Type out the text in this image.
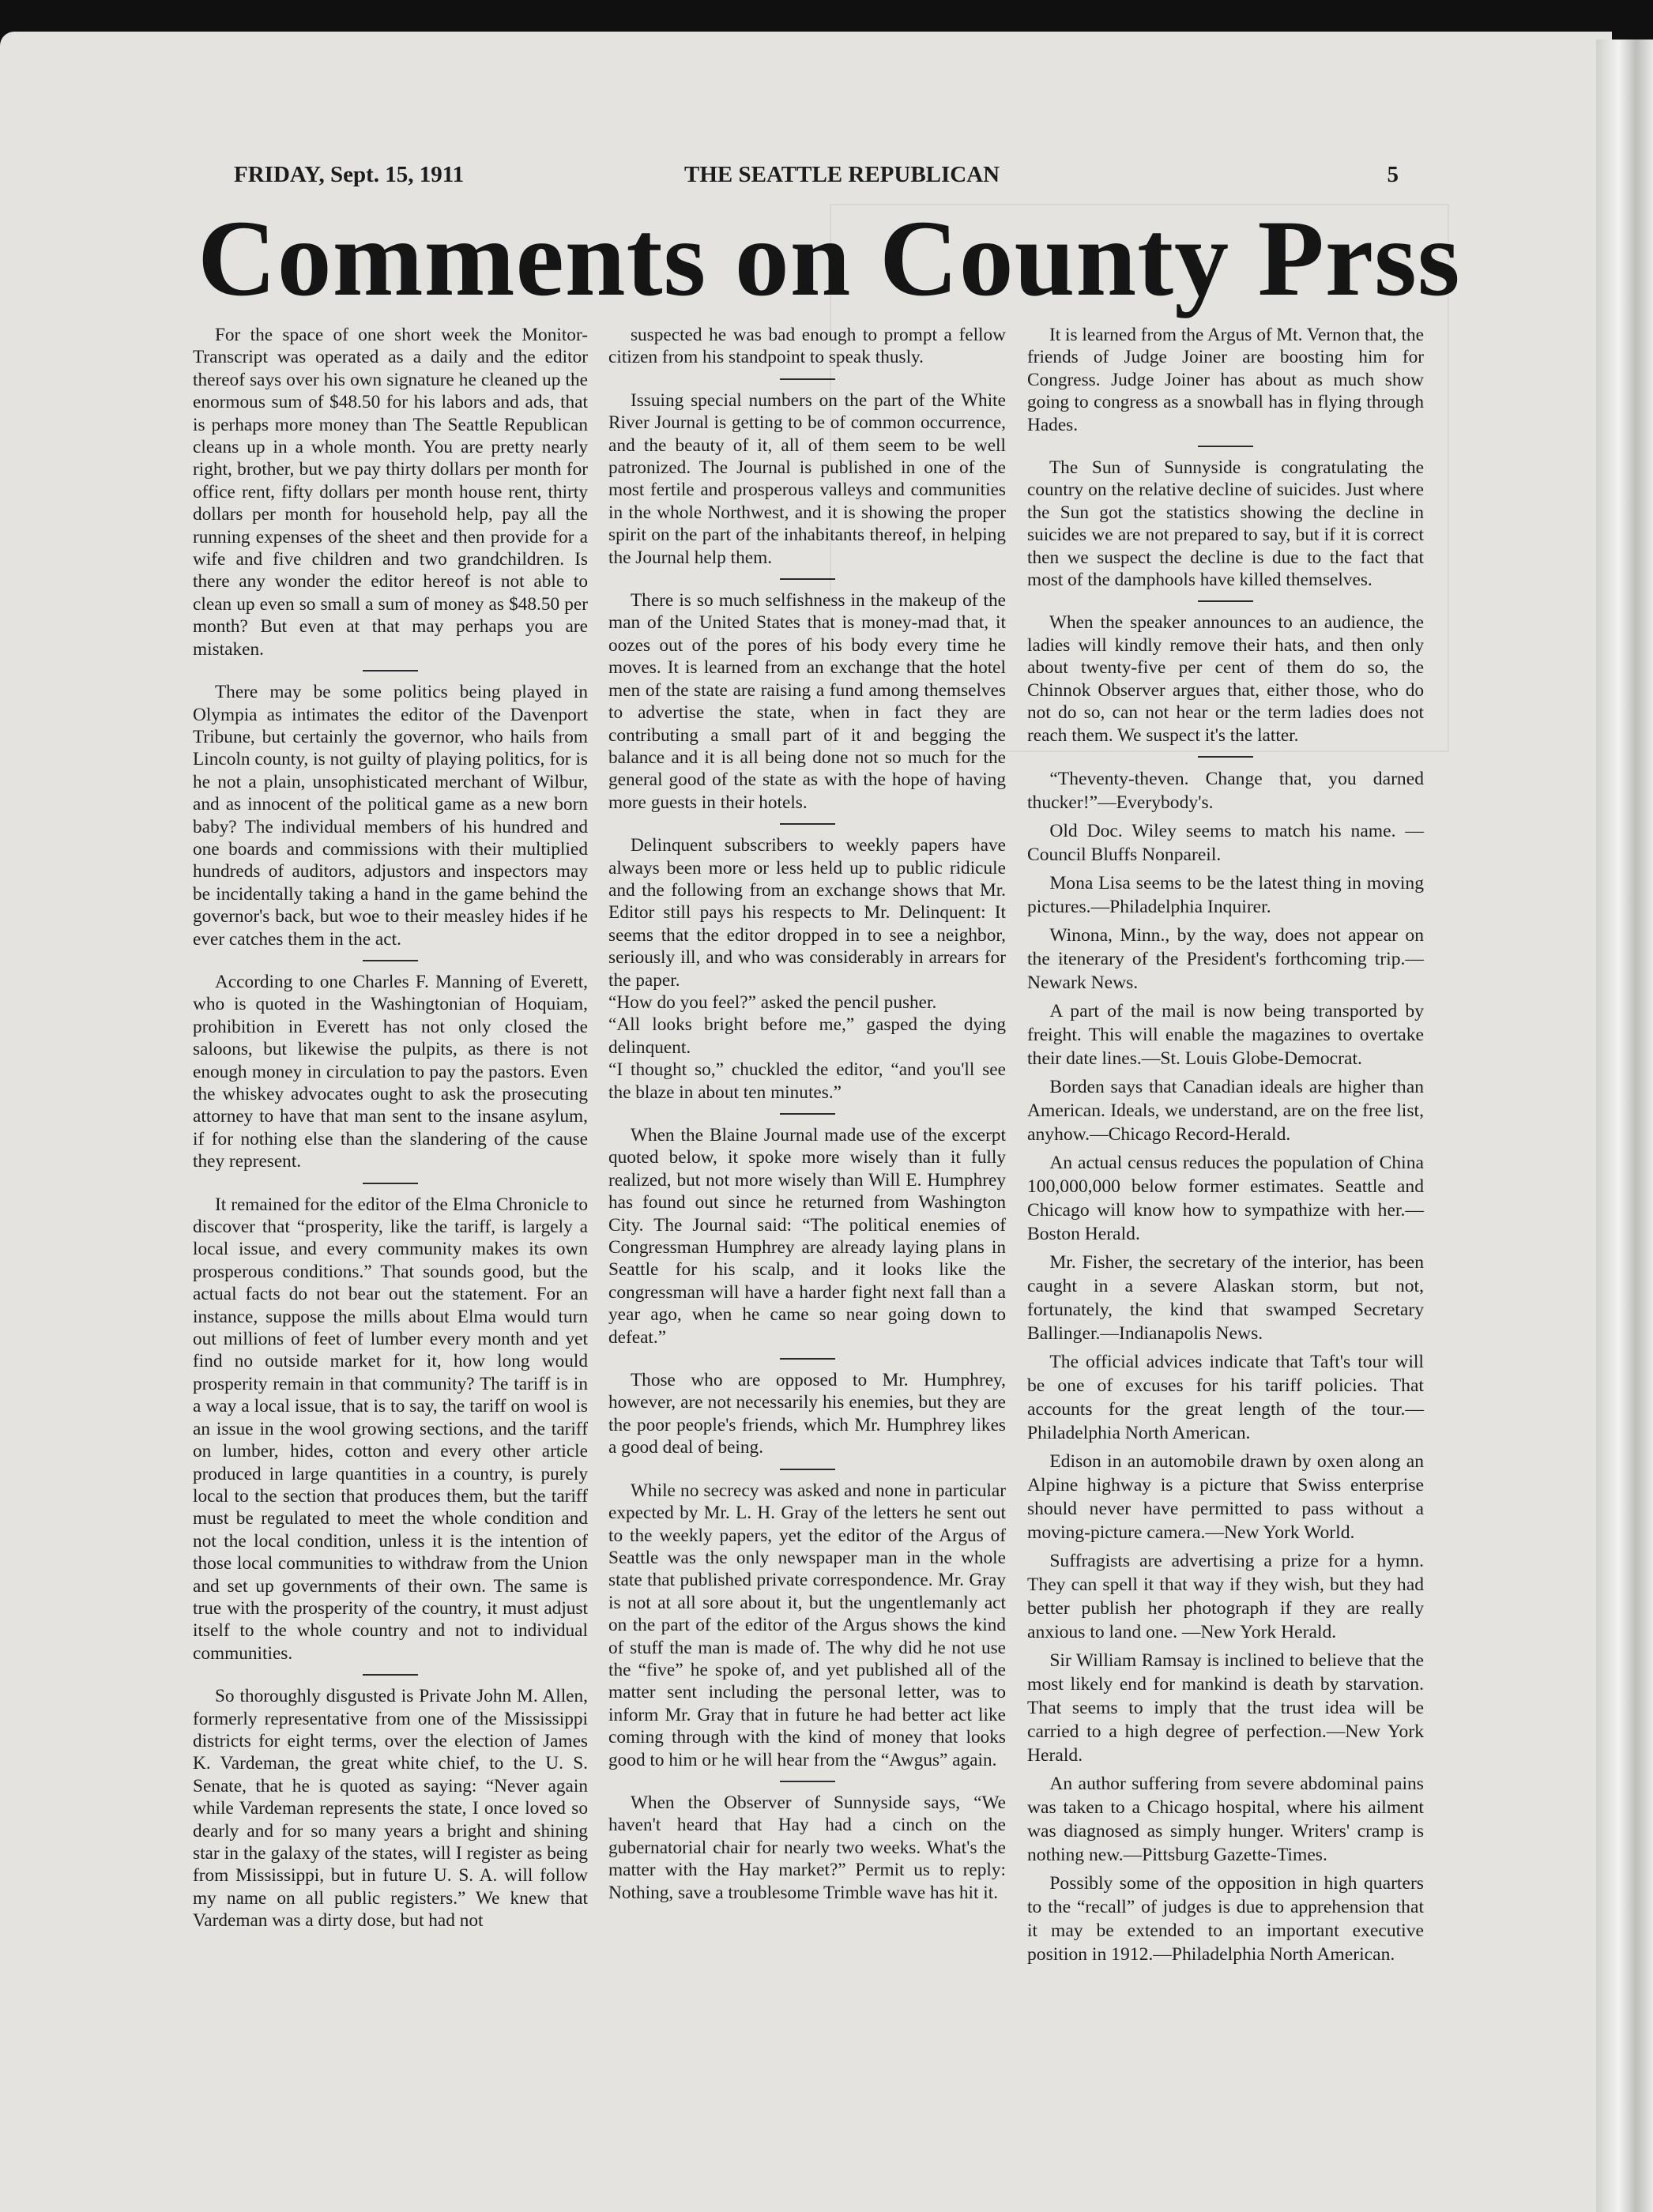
FRIDAY, Sept. 15, 1911	THE SEATTLE REPUBLICAN	5
Comments on County Prss

For the space of one short week the Monitor-Transcript was operated as a daily and the editor thereof says over his own signature he cleaned up the enormous sum of $48.50 for his labors and ads, that is perhaps more money than The Seattle Republican cleans up in a whole month. You are pretty nearly right, brother, but we pay thirty dollars per month for office rent, fifty dollars per month house rent, thirty dollars per month for household help, pay all the running expenses of the sheet and then provide for a wife and five children and two grandchildren. Is there any wonder the editor hereof is not able to clean up even so small a sum of money as $48.50 per month? But even at that may perhaps you are mistaken.

There may be some politics being played in Olympia as intimates the editor of the Davenport Tribune, but certainly the governor, who hails from Lincoln county, is not guilty of playing politics, for is he not a plain, unsophisticated merchant of Wilbur, and as innocent of the political game as a new born baby? The individual members of his hundred and one boards and commissions with their multiplied hundreds of auditors, adjustors and inspectors may be incidentally taking a hand in the game behind the governor's back, but woe to their measley hides if he ever catches them in the act.

According to one Charles F. Manning of Everett, who is quoted in the Washingtonian of Hoquiam, prohibition in Everett has not only closed the saloons, but likewise the pulpits, as there is not enough money in circulation to pay the pastors. Even the whiskey advocates ought to ask the prosecuting attorney to have that man sent to the insane asylum, if for nothing else than the slandering of the cause they represent.

It remained for the editor of the Elma Chronicle to discover that “prosperity, like the tariff, is largely a local issue, and every community makes its own prosperous conditions.” That sounds good, but the actual facts do not bear out the statement. For an instance, suppose the mills about Elma would turn out millions of feet of lumber every month and yet find no outside market for it, how long would prosperity remain in that community? The tariff is in a way a local issue, that is to say, the tariff on wool is an issue in the wool growing sections, and the tariff on lumber, hides, cotton and every other article produced in large quantities in a country, is purely local to the section that produces them, but the tariff must be regulated to meet the whole condition and not the local condition, unless it is the intention of those local communities to withdraw from the Union and set up governments of their own. The same is true with the prosperity of the country, it must adjust itself to the whole country and not to individual communities.

So thoroughly disgusted is Private John M. Allen, formerly representative from one of the Mississippi districts for eight terms, over the election of James K. Vardeman, the great white chief, to the U. S. Senate, that he is quoted as saying: “Never again while Vardeman represents the state, I once loved so dearly and for so many years a bright and shining star in the galaxy of the states, will I register as being from Mississippi, but in future U. S. A. will follow my name on all public registers.” We knew that Vardeman was a dirty dose, but had not

suspected he was bad enough to prompt a fellow citizen from his standpoint to speak thusly.

Issuing special numbers on the part of the White River Journal is getting to be of common occurrence, and the beauty of it, all of them seem to be well patronized. The Journal is published in one of the most fertile and prosperous valleys and communities in the whole Northwest, and it is showing the proper spirit on the part of the inhabitants thereof, in helping the Journal help them.

There is so much selfishness in the makeup of the man of the United States that is money-mad that, it oozes out of the pores of his body every time he moves. It is learned from an exchange that the hotel men of the state are raising a fund among themselves to advertise the state, when in fact they are contributing a small part of it and begging the balance and it is all being done not so much for the general good of the state as with the hope of having more guests in their hotels.

Delinquent subscribers to weekly papers have always been more or less held up to public ridicule and the following from an exchange shows that Mr. Editor still pays his respects to Mr. Delinquent: It seems that the editor dropped in to see a neighbor, seriously ill, and who was considerably in arrears for the paper.
“How do you feel?” asked the pencil pusher.
“All looks bright before me,” gasped the dying delinquent.
“I thought so,” chuckled the editor, “and you'll see the blaze in about ten minutes.”

When the Blaine Journal made use of the excerpt quoted below, it spoke more wisely than it fully realized, but not more wisely than Will E. Humphrey has found out since he returned from Washington City. The Journal said: “The political enemies of Congressman Humphrey are already laying plans in Seattle for his scalp, and it looks like the congressman will have a harder fight next fall than a year ago, when he came so near going down to defeat.”

Those who are opposed to Mr. Humphrey, however, are not necessarily his enemies, but they are the poor people's friends, which Mr. Humphrey likes a good deal of being.

While no secrecy was asked and none in particular expected by Mr. L. H. Gray of the letters he sent out to the weekly papers, yet the editor of the Argus of Seattle was the only newspaper man in the whole state that published private correspondence. Mr. Gray is not at all sore about it, but the ungentlemanly act on the part of the editor of the Argus shows the kind of stuff the man is made of. The why did he not use the “five” he spoke of, and yet published all of the matter sent including the personal letter, was to inform Mr. Gray that in future he had better act like coming through with the kind of money that looks good to him or he will hear from the “Awgus” again.

When the Observer of Sunnyside says, “We haven't heard that Hay had a cinch on the gubernatorial chair for nearly two weeks. What's the matter with the Hay market?” Permit us to reply: Nothing, save a troublesome Trimble wave has hit it.

It is learned from the Argus of Mt. Vernon that, the friends of Judge Joiner are boosting him for Congress. Judge Joiner has about as much show going to congress as a snowball has in flying through Hades.

The Sun of Sunnyside is congratulating the country on the relative decline of suicides. Just where the Sun got the statistics showing the decline in suicides we are not prepared to say, but if it is correct then we suspect the decline is due to the fact that most of the damphools have killed themselves.

When the speaker announces to an audience, the ladies will kindly remove their hats, and then only about twenty-five per cent of them do so, the Chinnok Observer argues that, either those, who do not do so, can not hear or the term ladies does not reach them. We suspect it's the latter.

“Theventy-theven. Change that, you darned thucker!”—Everybody's.

Old Doc. Wiley seems to match his name. —Council Bluffs Nonpareil.

Mona Lisa seems to be the latest thing in moving pictures.—Philadelphia Inquirer.

Winona, Minn., by the way, does not appear on the itenerary of the President's forthcoming trip.—Newark News.

A part of the mail is now being transported by freight. This will enable the magazines to overtake their date lines.—St. Louis Globe-Democrat.

Borden says that Canadian ideals are higher than American. Ideals, we understand, are on the free list, anyhow.—Chicago Record-Herald.

An actual census reduces the population of China 100,000,000 below former estimates. Seattle and Chicago will know how to sympathize with her.—Boston Herald.

Mr. Fisher, the secretary of the interior, has been caught in a severe Alaskan storm, but not, fortunately, the kind that swamped Secretary Ballinger.—Indianapolis News.

The official advices indicate that Taft's tour will be one of excuses for his tariff policies. That accounts for the great length of the tour.—Philadelphia North American.

Edison in an automobile drawn by oxen along an Alpine highway is a picture that Swiss enterprise should never have permitted to pass without a moving-picture camera.—New York World.

Suffragists are advertising a prize for a hymn. They can spell it that way if they wish, but they had better publish her photograph if they are really anxious to land one. —New York Herald.

Sir William Ramsay is inclined to believe that the most likely end for mankind is death by starvation. That seems to imply that the trust idea will be carried to a high degree of perfection.—New York Herald.

An author suffering from severe abdominal pains was taken to a Chicago hospital, where his ailment was diagnosed as simply hunger. Writers' cramp is nothing new.—Pittsburg Gazette-Times.

Possibly some of the opposition in high quarters to the “recall” of judges is due to apprehension that it may be extended to an important executive position in 1912.—Philadelphia North American.
